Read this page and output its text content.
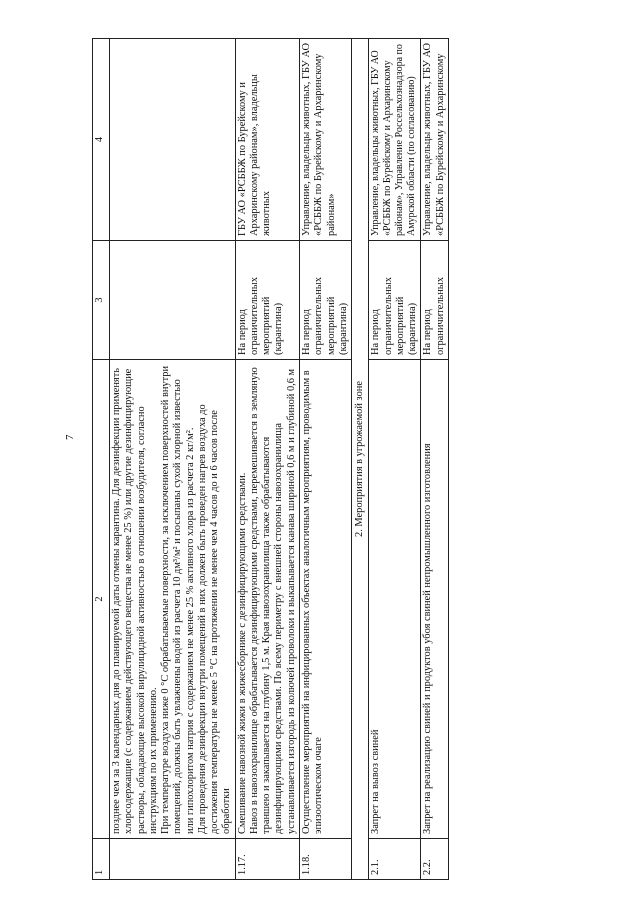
7
1	2	3	4
	позднее чем за 3 календарных дня до планируемой даты отмены карантина. Для дезинфекции применять хлорсодержащие (с содержанием действующего вещества не менее 25 %) или другие дезинфицирующие растворы, обладающие высокой вирулицидной активностью в отношении возбудителя, согласно инструкциям по их применению.
При температуре воздуха ниже 0 °С обрабатываемые поверхности, за исключением поверхностей внутри помещений, должны быть увлажнены водой из расчета 10 дм³/м² и посыпаны сухой хлорной известью или гипохлоритом натрия с содержанием не менее 25 % активного хлора из расчета 2 кг/м².
Для проведения дезинфекции внутри помещений в них должен быть проведен нагрев воздуха до достижения температуры не менее 5 °С на протяжении не менее чем 4 часов до и 6 часов после обработки		
1.17.	Смешивание навозной жижи в жижесборнике с дезинфицирующими средствами.
Навоз в навозохранилище обрабатывается дезинфицирующими средствами, перемешивается в земляную траншею и закапывается на глубину 1,5 м. Края навозохранилища также обрабатываются дезинфицирующими средствами. По всему периметру с внешней стороны навозохранилища устанавливается изгородь из колючей проволоки и выкапывается канава шириной 0,6 м и глубиной 0,6 м	На период ограничительных мероприятий (карантина)	ГБУ АО «РСББЖ по Бурейскому и Архаринскому районам», владельцы животных
1.18.	Осуществление мероприятий на инфицированных объектах аналогичным мероприятиям, проводимым в эпизоотическом очаге	На период ограничительных мероприятий (карантина)	Управление, владельцы животных, ГБУ АО «РСББЖ по Бурейскому и Архаринскому районам»
2. Мероприятия в угрожаемой зоне			
2.1.	Запрет на вывоз свиней	На период ограничительных мероприятий (карантина)	Управление, владельцы животных, ГБУ АО «РСББЖ по Бурейскому и Архаринскому районам», Управление Россельхознадзора по Амурской области (по согласованию)
2.2.	Запрет на реализацию свиней и продуктов убоя свиней непромышленного изготовления	На период ограничительных	Управление, владельцы животных, ГБУ АО «РСББЖ по Бурейскому и Архаринскому
